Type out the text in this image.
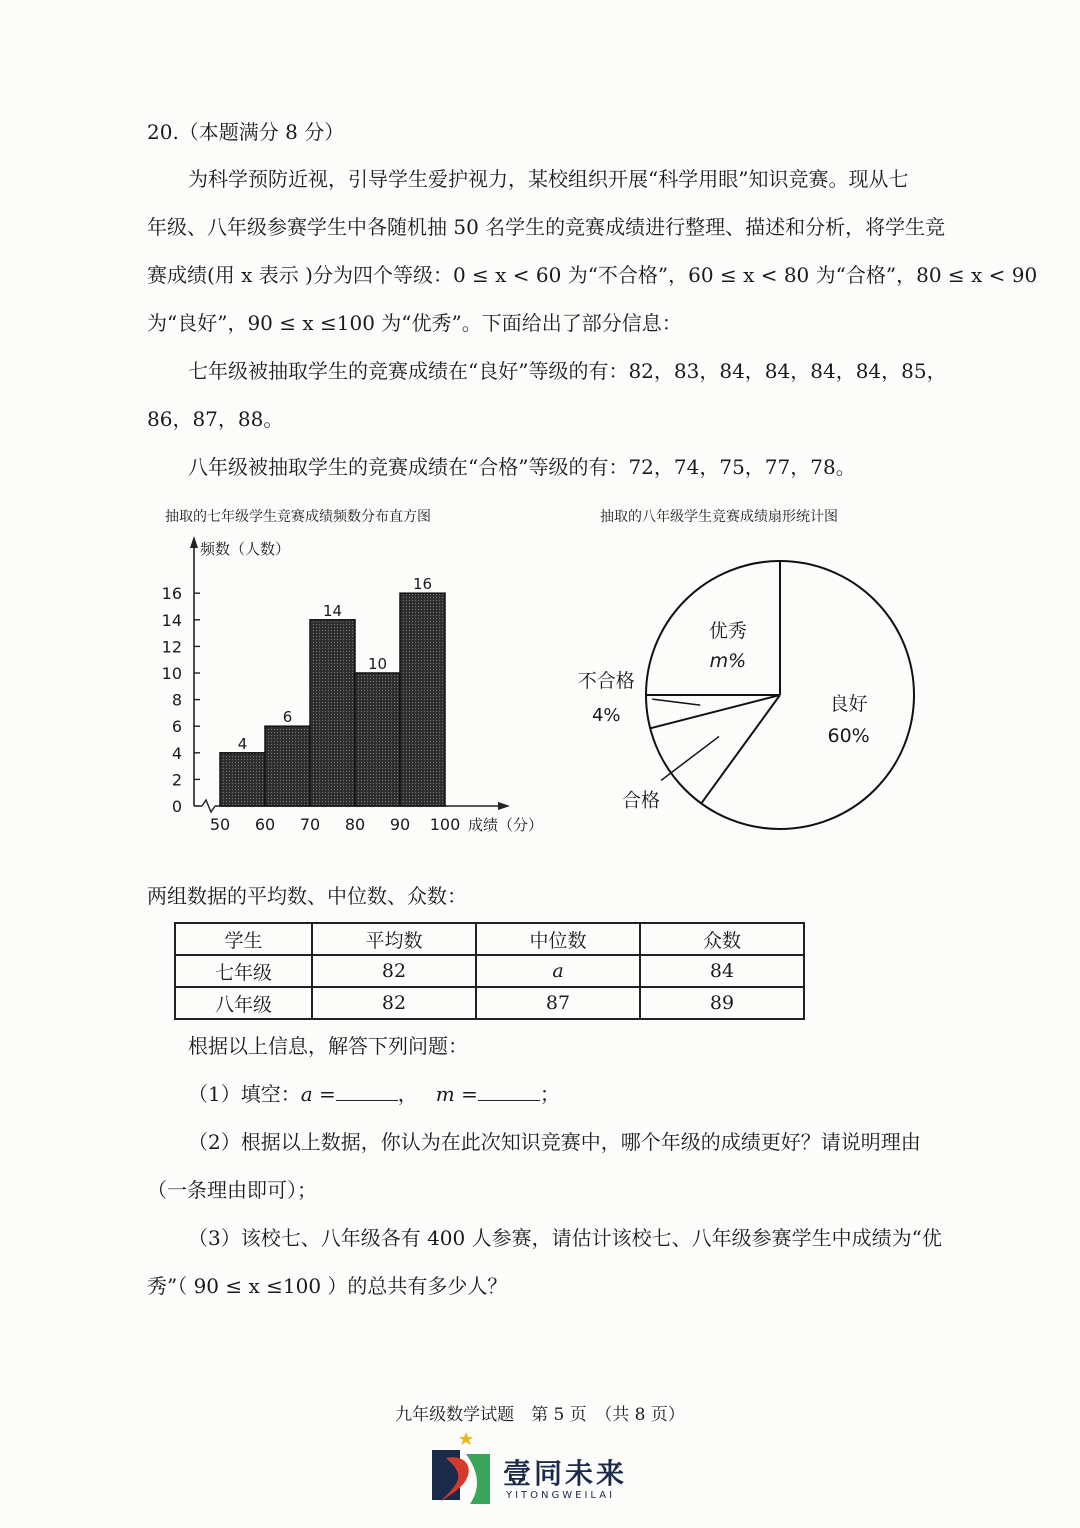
20.（本题满分 8 分）
为科学预防近视，引导学生爱护视力，某校组织开展“科学用眼”知识竞赛。现从七
年级、八年级参赛学生中各随机抽 50 名学生的竞赛成绩进行整理、描述和分析，将学生竞
赛成绩(用 x 表示 )分为四个等级：0 ≤ x < 60 为“不合格”，60 ≤ x < 80 为“合格”，80 ≤ x < 90
为“良好”，90 ≤ x ≤100 为“优秀”。下面给出了部分信息：
七年级被抽取学生的竞赛成绩在“良好”等级的有：82，83，84，84，84，84，85，
86，87，88。
八年级被抽取学生的竞赛成绩在“合格”等级的有：72，74，75，77，78。
抽取的七年级学生竞赛成绩频数分布直方图	抽取的八年级学生竞赛成绩扇形统计图
0
2
4
6
8
10
12
14
16
4
6
14
10
16
50 60 70 80 90 100 成绩（分）
频数（人数）
良好
60%
优秀
m%
不合格
4%
合格
两组数据的平均数、中位数、众数：
学生	平均数	中位数	众数
七年级	82	a	84
八年级	82	87	89
根据以上信息，解答下列问题：
（1）填空：a =	， m =	；
（2）根据以上数据，你认为在此次知识竞赛中，哪个年级的成绩更好？请说明理由
（一条理由即可）；
（3）该校七、八年级各有 400 人参赛，请估计该校七、八年级参赛学生中成绩为“优
秀”（ 90 ≤ x ≤100 ）的总共有多少人？
九年级数学试题　第 5 页　（共 8 页）
壹同未来
YITONGWEILAI
